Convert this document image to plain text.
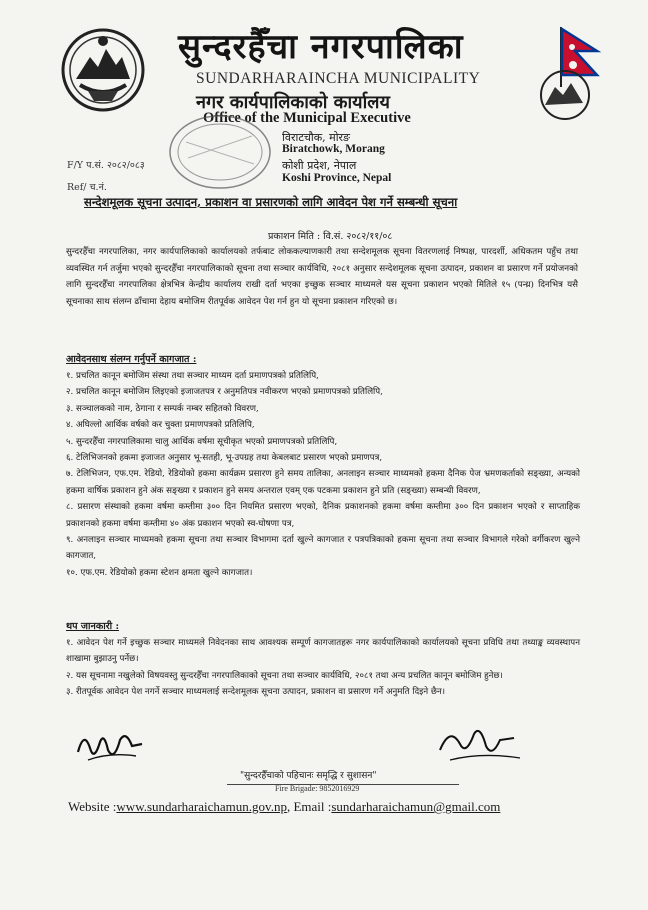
सुन्दरहैँचा नगरपालिका
SUNDARHARAINCHA MUNICIPALITY
नगर कार्यपालिकाको कार्यालय
Office of the Municipal Executive
विराटचौक, मोरङ
Biratchowk, Morang
कोशी प्रदेश, नेपाल
Koshi Province, Nepal
F/Y प.सं. २०८२/०८३
Ref/ च.नं.
सन्देशमूलक सूचना उत्पादन, प्रकाशन वा प्रसारणको लागि आवेदन पेश गर्ने सम्बन्धी सूचना
प्रकाशन मिति : वि.सं. २०८२/११/०८
सुन्दरहैँचा नगरपालिका, नगर कार्यपालिकाको कार्यालयको तर्फबाट लोककल्याणकारी तथा सन्देशमूलक सूचना वितरणलाई निष्पक्ष, पारदर्शी, अधिकतम पहुँच तथा व्यवस्थित गर्न तर्जुमा भएको सुन्दरहैँचा नगरपालिकाको सूचना तथा सञ्चार कार्यविधि, २०८१ अनुसार सन्देशमूलक सूचना उत्पादन, प्रकाशन वा प्रसारण गर्ने प्रयोजनको लागि सुन्दरहैँचा नगरपालिका क्षेत्रभित्र केन्द्रीय कार्यालय राखी दर्ता भएका इच्छुक सञ्चार माध्यमले यस सूचना प्रकाशन भएको मितिले १५ (पन्ध्र) दिनभित्र यसै सूचनाका साथ संलग्न ढाँचामा देहाय बमोजिम रीतपूर्वक आवेदन पेश गर्न हुन यो सूचना प्रकाशन गरिएको छ।
आवेदनसाथ संलग्न गर्नुपर्ने कागजात :
१. प्रचलित कानून बमोजिम संस्था तथा सञ्चार माध्यम दर्ता प्रमाणपत्रको प्रतिलिपि,
२. प्रचलित कानून बमोजिम लिइएको इजाजतपत्र र अनुमतिपत्र नवीकरण भएको प्रमाणपत्रको प्रतिलिपि,
३. सञ्चालकको नाम, ठेगाना र सम्पर्क नम्बर सहितको विवरण,
४. अघिल्लो आर्थिक वर्षको कर चुक्ता प्रमाणपत्रको प्रतिलिपि,
५. सुन्दरहैँचा नगरपालिकामा चालु आर्थिक वर्षमा सूचीकृत भएको प्रमाणपत्रको प्रतिलिपि,
६. टेलिभिजनको हकमा इजाजत अनुसार भू-सतही, भू-उपग्रह तथा केबलबाट प्रसारण भएको प्रमाणपत्र,
७. टेलिभिजन, एफ.एम. रेडियो, रेडियोको हकमा कार्यक्रम प्रसारण हुने समय तालिका, अनलाइन सञ्चार माध्यमको हकमा दैनिक पेज भ्रमणकर्ताको सङ्ख्या, अन्यको हकमा वार्षिक प्रकाशन हुने अंक सङ्ख्या र प्रकाशन हुने समय अन्तराल एवम् एक पटकमा प्रकाशन हुने प्रति (सङ्ख्या) सम्बन्धी विवरण,
८. प्रसारण संस्थाको हकमा वर्षमा कम्तीमा ३०० दिन नियमित प्रसारण भएको, दैनिक प्रकाशनको हकमा वर्षमा कम्तीमा ३०० दिन प्रकाशन भएको र साप्ताहिक प्रकाशनको हकमा वर्षमा कम्तीमा ४० अंक प्रकाशन भएको स्व-घोषणा पत्र,
९. अनलाइन सञ्चार माध्यमको हकमा सूचना तथा सञ्चार विभागमा दर्ता खुल्ने कागजात र पत्रपत्रिकाको हकमा सूचना तथा सञ्चार विभागले गरेको वर्गीकरण खुल्ने कागजात,
१०. एफ.एम. रेडियोको हकमा स्टेशन क्षमता खुल्ने कागजात।
थप जानकारी :
१. आवेदन पेश गर्ने इच्छुक सञ्चार माध्यमले निवेदनका साथ आवश्यक सम्पूर्ण कागजातहरू नगर कार्यपालिकाको कार्यालयको सूचना प्रविधि तथा तथ्याङ्क व्यवस्थापन शाखामा बुझाउनु पर्नेछ।
२. यस सूचनामा नखुलेको विषयवस्तु सुन्दरहैँचा नगरपालिकाको सूचना तथा सञ्चार कार्यविधि, २०८१ तथा अन्य प्रचलित कानून बमोजिम हुनेछ।
३. रीतपूर्वक आवेदन पेश नगर्ने सञ्चार माध्यमलाई सन्देशमूलक सूचना उत्पादन, प्रकाशन वा प्रसारण गर्ने अनुमति दिइने छैन।
"सुन्दरहैँचाको पहिचानः समृद्धि र सुशासन"
Fire Brigade: 9852016929
Website :www.sundarharaichamun.gov.np, Email :sundarharaichamun@gmail.com
